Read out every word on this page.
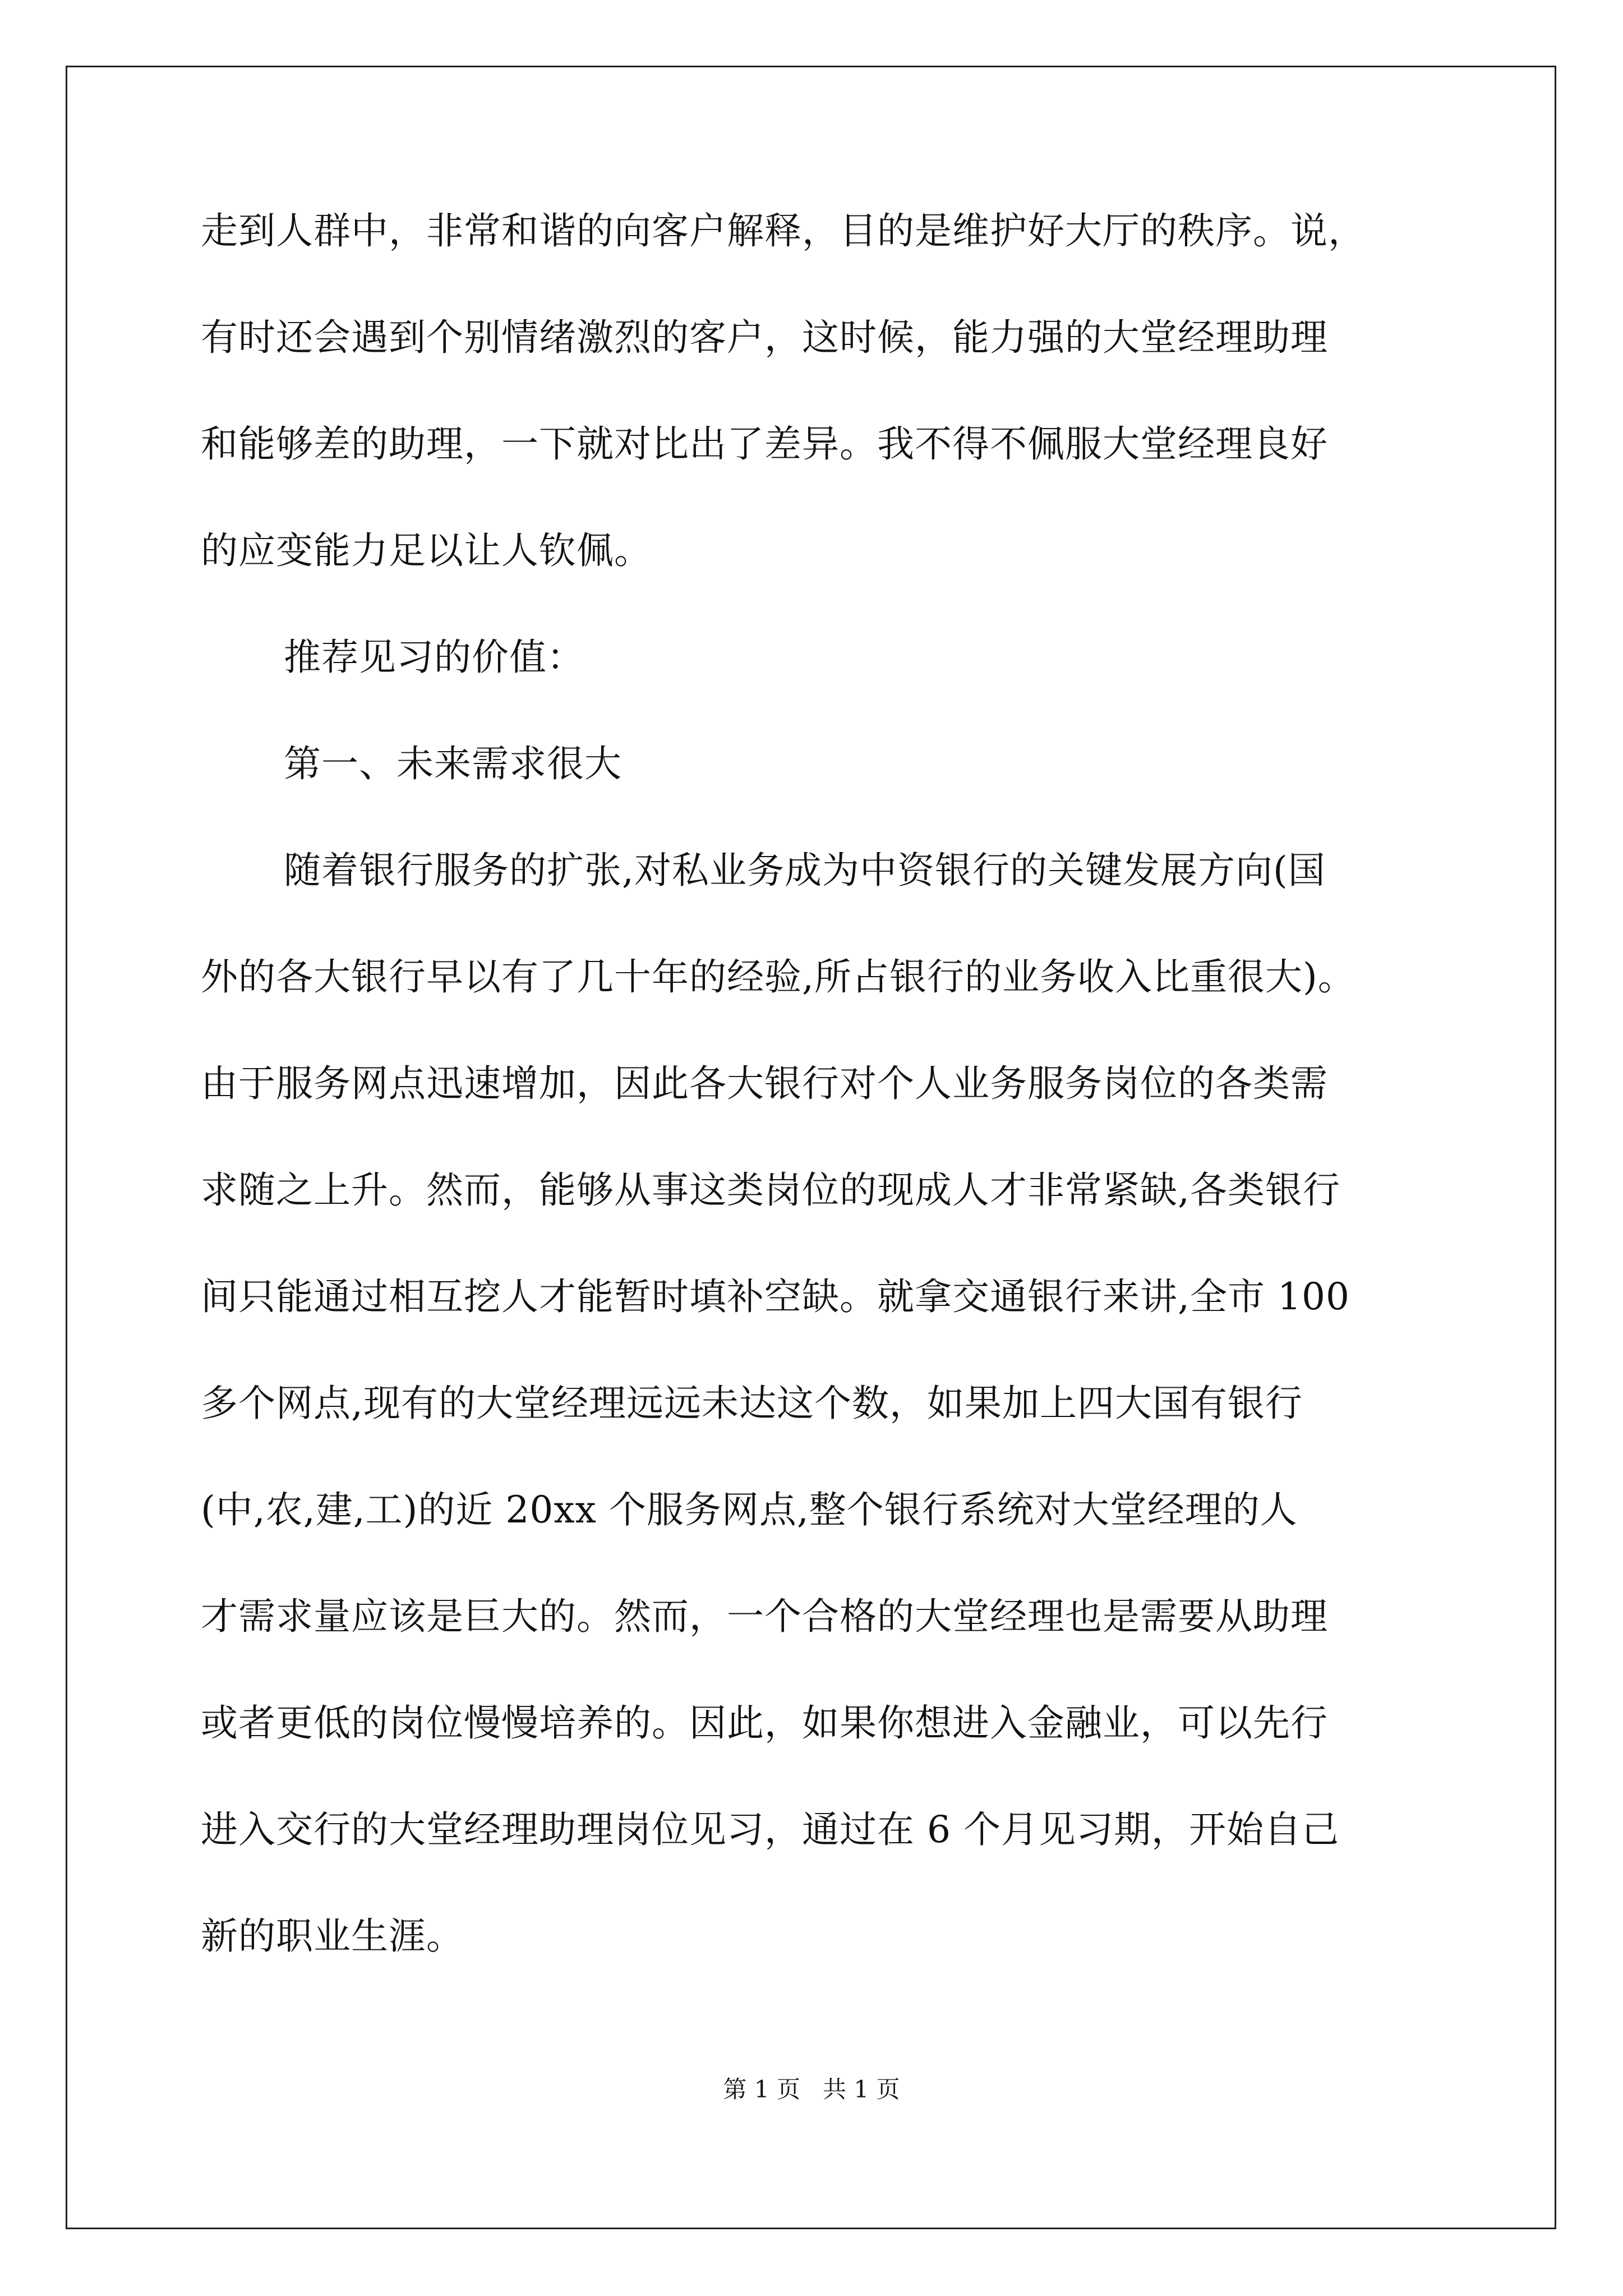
走到人群中，非常和谐的向客户解释，目的是维护好大厅的秩序。说，
有时还会遇到个别情绪激烈的客户，这时候，能力强的大堂经理助理
和能够差的助理，一下就对比出了差异。我不得不佩服大堂经理良好
的应变能力足以让人钦佩。
推荐见习的价值：
第一、未来需求很大
随着银行服务的扩张,对私业务成为中资银行的关键发展方向(国
外的各大银行早以有了几十年的经验,所占银行的业务收入比重很大)。
由于服务网点迅速增加，因此各大银行对个人业务服务岗位的各类需
求随之上升。然而，能够从事这类岗位的现成人才非常紧缺,各类银行
间只能通过相互挖人才能暂时填补空缺。就拿交通银行来讲,全市 100
多个网点,现有的大堂经理远远未达这个数，如果加上四大国有银行
(中,农,建,工)的近 20xx 个服务网点,整个银行系统对大堂经理的人
才需求量应该是巨大的。然而，一个合格的大堂经理也是需要从助理
或者更低的岗位慢慢培养的。因此，如果你想进入金融业，可以先行
进入交行的大堂经理助理岗位见习，通过在 6 个月见习期，开始自己
新的职业生涯。
第 1 页   共 1 页
